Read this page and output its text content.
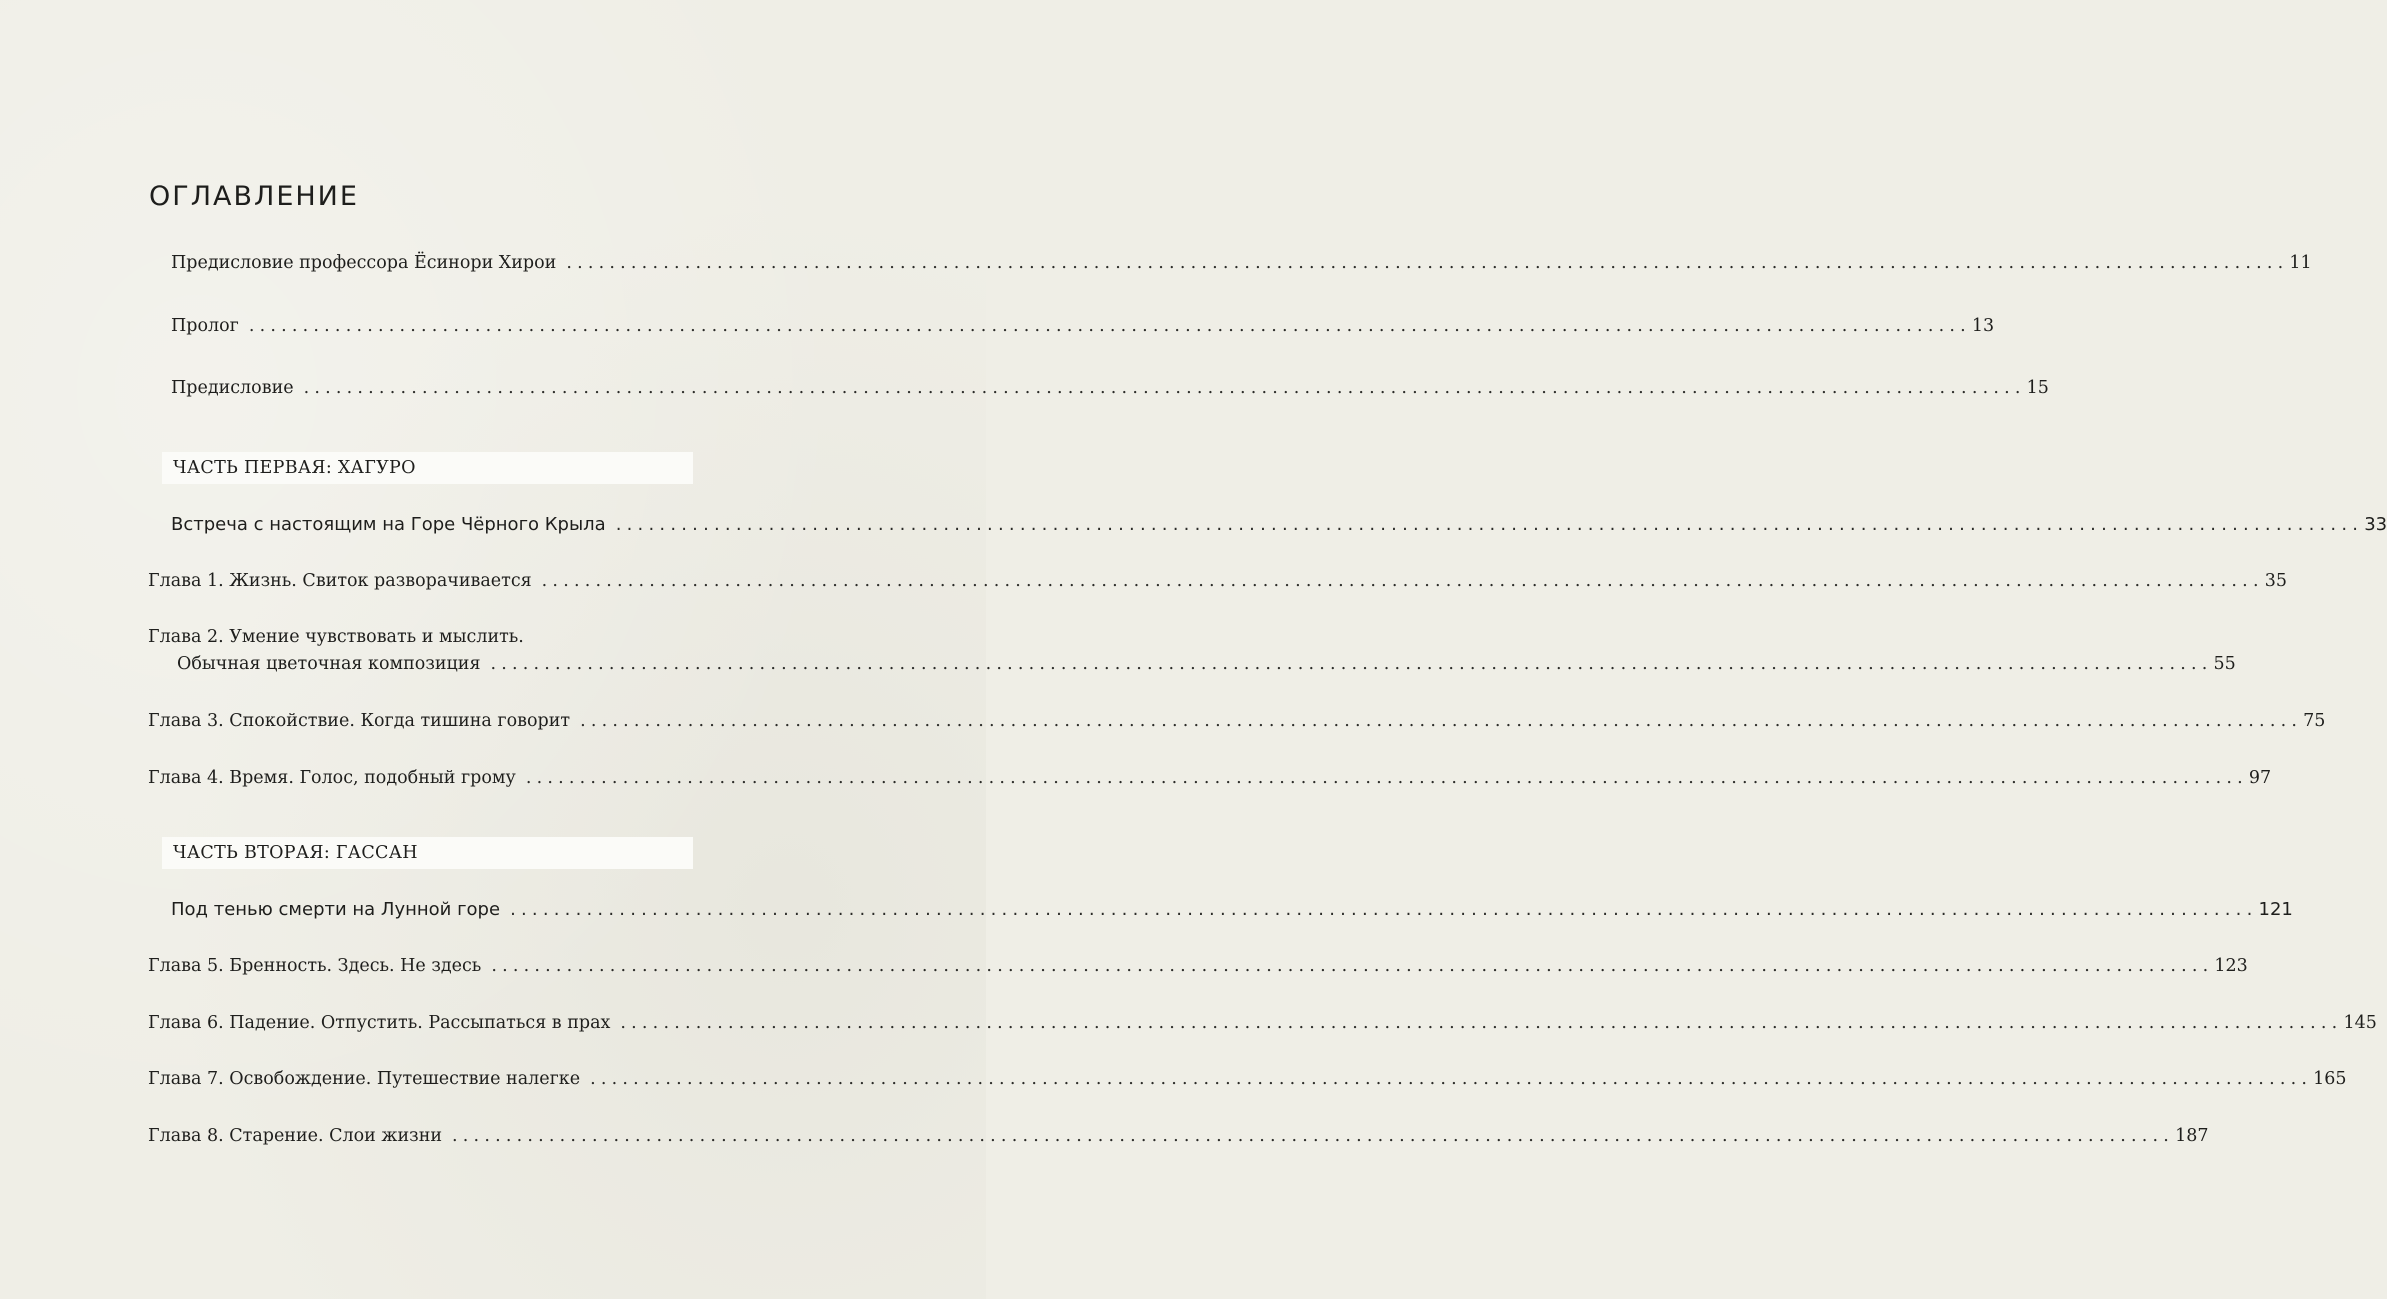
ОГЛАВЛЕНИЕ
Предисловие профессора Ёсинори Хирои ................................................................................................................................................................ 11
Пролог ................................................................................................................................................................ 13
Предисловие ................................................................................................................................................................ 15
ЧАСТЬ ПЕРВАЯ: ХАГУРО
Встреча с настоящим на Горе Чёрного Крыла ................................................................................................................................................................ 33
Глава 1. Жизнь. Свиток разворачивается ................................................................................................................................................................ 35
Глава 2. Умение чувствовать и мыслить.
Обычная цветочная композиция ................................................................................................................................................................ 55
Глава 3. Спокойствие. Когда тишина говорит ................................................................................................................................................................ 75
Глава 4. Время. Голос, подобный грому ................................................................................................................................................................ 97
ЧАСТЬ ВТОРАЯ: ГАССАН
Под тенью смерти на Лунной горе ................................................................................................................................................................ 121
Глава 5. Бренность. Здесь. Не здесь ................................................................................................................................................................ 123
Глава 6. Падение. Отпустить. Рассыпаться в прах ................................................................................................................................................................ 145
Глава 7. Освобождение. Путешествие налегке ................................................................................................................................................................ 165
Глава 8. Старение. Слои жизни ................................................................................................................................................................ 187
